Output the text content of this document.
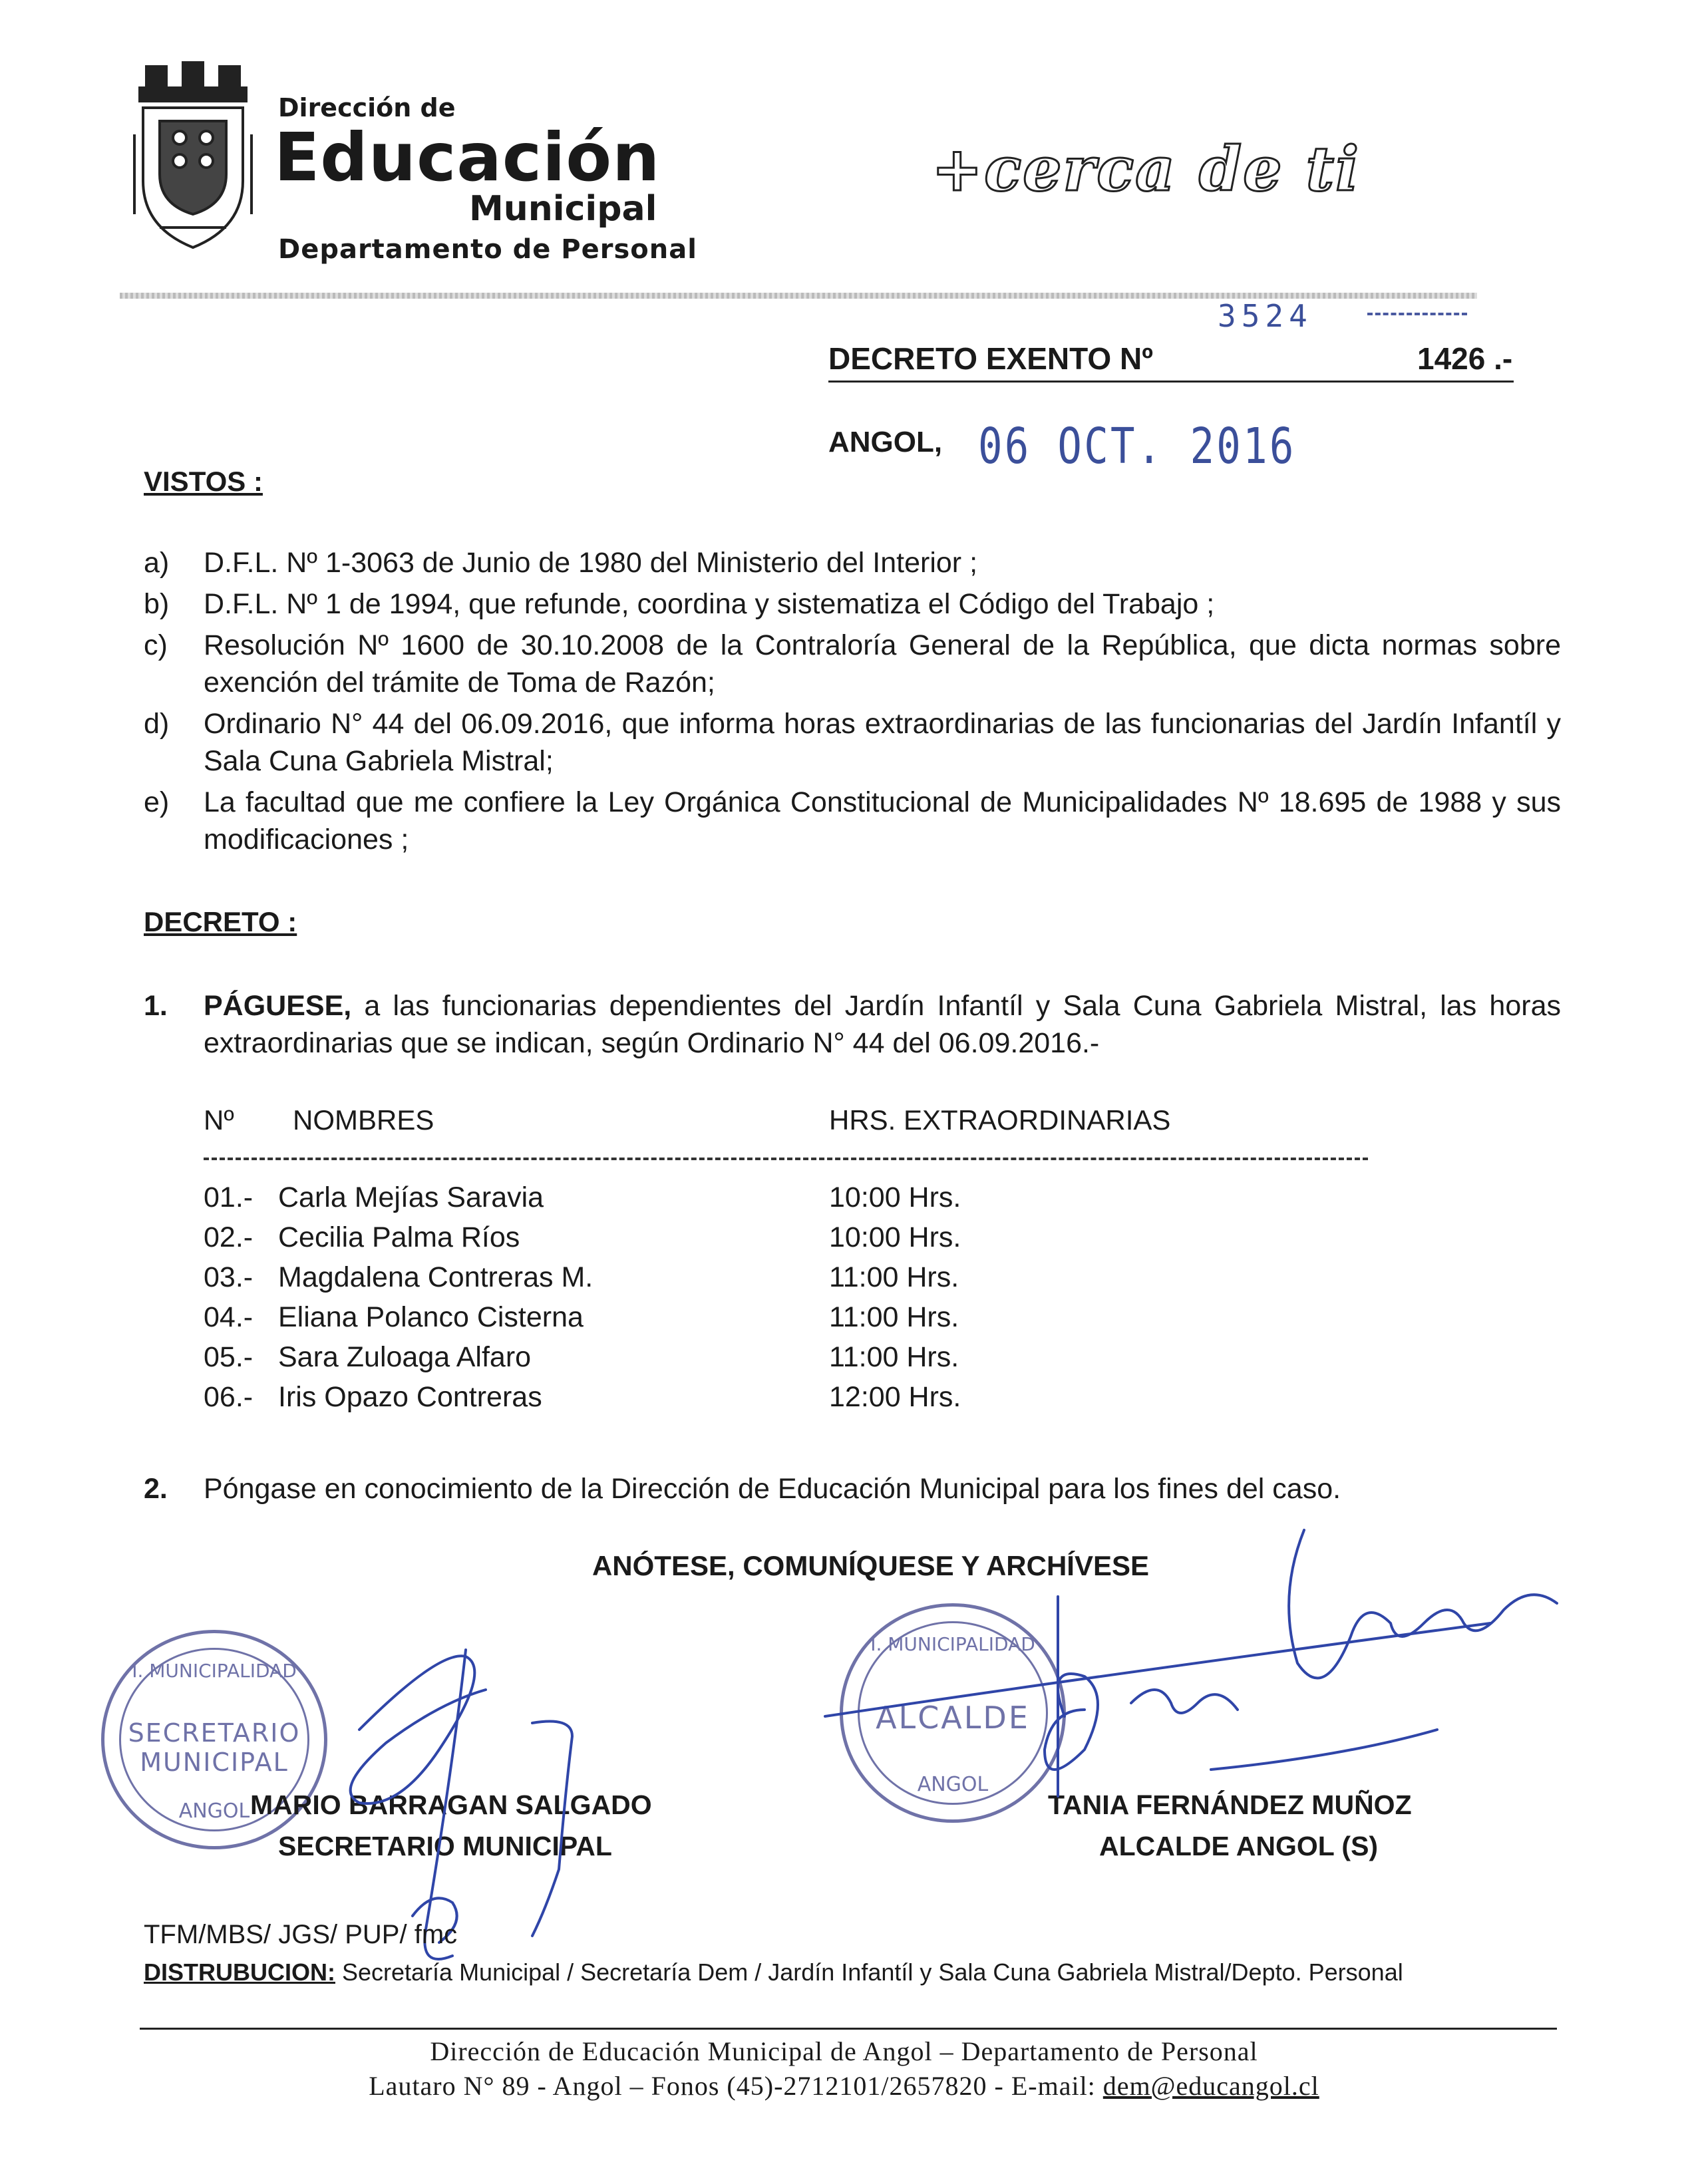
Dirección de
Educación
Municipal
Departamento de Personal
+cerca de ti
3524
DECRETO EXENTO Nº	1426 .-
ANGOL, 06 OCT. 2016
VISTOS :
a) D.F.L. Nº 1-3063 de Junio de 1980 del Ministerio del Interior ;
b) D.F.L. Nº 1 de 1994, que refunde, coordina y sistematiza el Código del Trabajo ;
c) Resolución Nº 1600 de 30.10.2008 de la Contraloría General de la República, que dicta normas sobre exención del trámite de Toma de Razón;
d) Ordinario N° 44 del 06.09.2016, que informa horas extraordinarias de las funcionarias del Jardín Infantíl y Sala Cuna Gabriela Mistral;
e) La facultad que me confiere la Ley Orgánica Constitucional de Municipalidades Nº 18.695 de 1988 y sus modificaciones ;
DECRETO :
1. PÁGUESE, a las funcionarias dependientes del Jardín Infantíl y Sala Cuna Gabriela Mistral, las horas extraordinarias que se indican, según Ordinario N° 44 del 06.09.2016.-
Nº NOMBRES	HRS. EXTRAORDINARIAS
01.- Carla Mejías Saravia	10:00 Hrs.
02.- Cecilia Palma Ríos	10:00 Hrs.
03.- Magdalena Contreras M.	11:00 Hrs.
04.- Eliana Polanco Cisterna	11:00 Hrs.
05.- Sara Zuloaga Alfaro	11:00 Hrs.
06.- Iris Opazo Contreras	12:00 Hrs.
2. Póngase en conocimiento de la Dirección de Educación Municipal para los fines del caso.
ANÓTESE, COMUNÍQUESE Y ARCHÍVESE
I. MUNICIPALIDAD
SECRETARIO
MUNICIPAL
ANGOL
I. MUNICIPALIDAD
ALCALDE
ANGOL
MARIO BARRAGAN SALGADO
SECRETARIO MUNICIPAL
TANIA FERNÁNDEZ MUÑOZ
ALCALDE ANGOL (S)
TFM/MBS/ JGS/ PUP/ fmc
DISTRUBUCION: Secretaría Municipal / Secretaría Dem / Jardín Infantíl y Sala Cuna Gabriela Mistral/Depto. Personal
Dirección de Educación Municipal de Angol – Departamento de Personal
Lautaro N° 89 - Angol – Fonos (45)-2712101/2657820 - E-mail: dem@educangol.cl
